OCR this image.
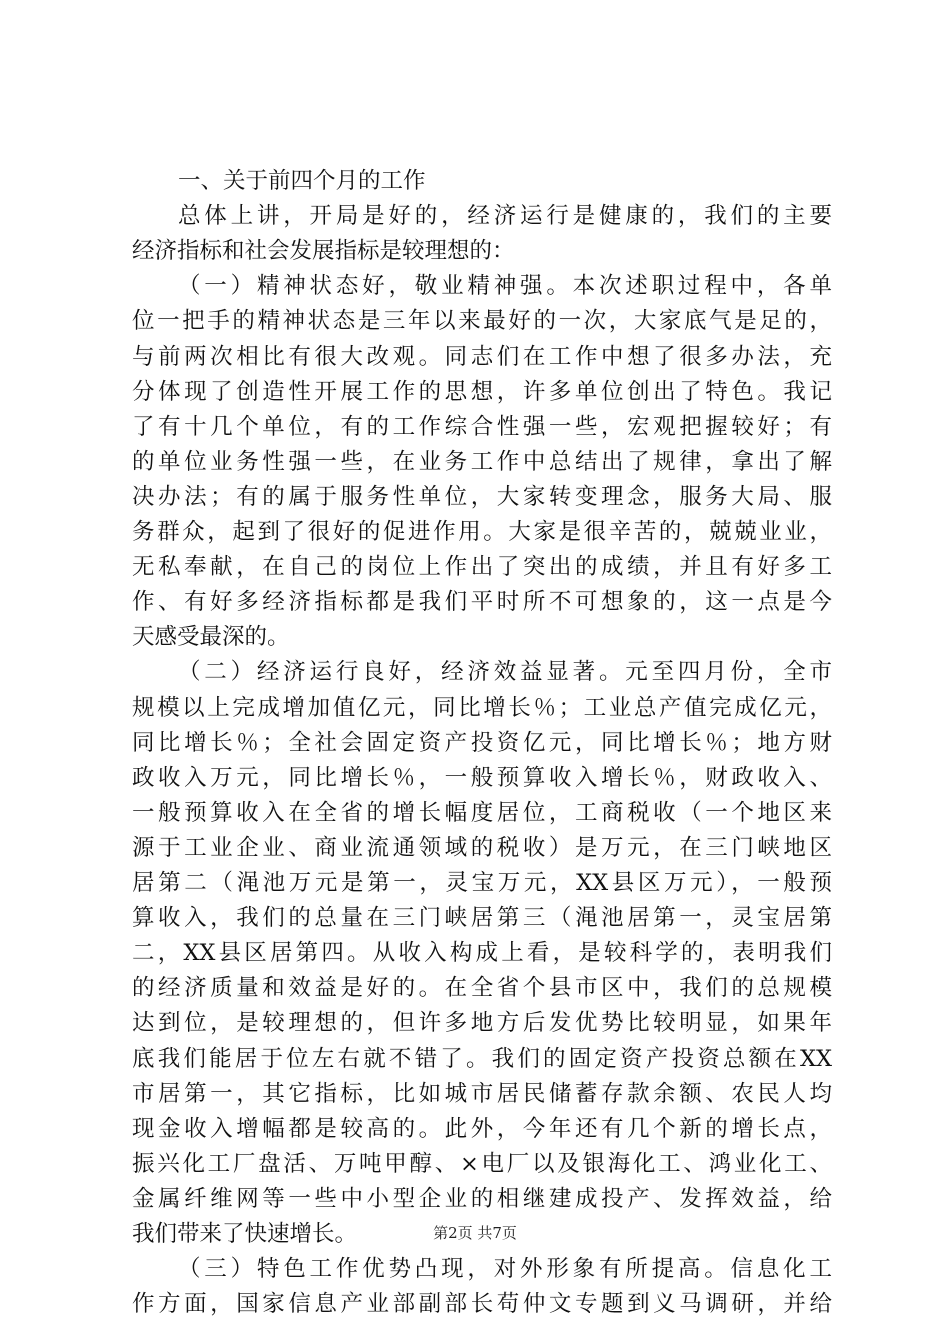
一、关于前四个月的工作
总体上讲，开局是好的，经济运行是健康的，我们的主要
经济指标和社会发展指标是较理想的：
（一）精神状态好，敬业精神强。本次述职过程中，各单
位一把手的精神状态是三年以来最好的一次，大家底气是足的，
与前两次相比有很大改观。同志们在工作中想了很多办法，充
分体现了创造性开展工作的思想，许多单位创出了特色。我记
了有十几个单位，有的工作综合性强一些，宏观把握较好；有
的单位业务性强一些，在业务工作中总结出了规律，拿出了解
决办法；有的属于服务性单位，大家转变理念，服务大局、服
务群众，起到了很好的促进作用。大家是很辛苦的，兢兢业业，
无私奉献，在自己的岗位上作出了突出的成绩，并且有好多工
作、有好多经济指标都是我们平时所不可想象的，这一点是今
天感受最深的。
（二）经济运行良好，经济效益显著。元至四月份，全市
规模以上完成增加值亿元，同比增长％；工业总产值完成亿元，
同比增长％；全社会固定资产投资亿元，同比增长％；地方财
政收入万元，同比增长％，一般预算收入增长％，财政收入、
一般预算收入在全省的增长幅度居位，工商税收（一个地区来
源于工业企业、商业流通领域的税收）是万元，在三门峡地区
居第二（渑池万元是第一，灵宝万元，XX县区万元），一般预
算收入，我们的总量在三门峡居第三（渑池居第一，灵宝居第
二，XX县区居第四。从收入构成上看，是较科学的，表明我们
的经济质量和效益是好的。在全省个县市区中，我们的总规模
达到位，是较理想的，但许多地方后发优势比较明显，如果年
底我们能居于位左右就不错了。我们的固定资产投资总额在XX
市居第一，其它指标，比如城市居民储蓄存款余额、农民人均
现金收入增幅都是较高的。此外，今年还有几个新的增长点，
振兴化工厂盘活、万吨甲醇、×电厂以及银海化工、鸿业化工、
金属纤维网等一些中小型企业的相继建成投产、发挥效益，给
我们带来了快速增长。
（三）特色工作优势凸现，对外形象有所提高。信息化工
作方面，国家信息产业部副部长苟仲文专题到义马调研，并给
第2页 共7页
